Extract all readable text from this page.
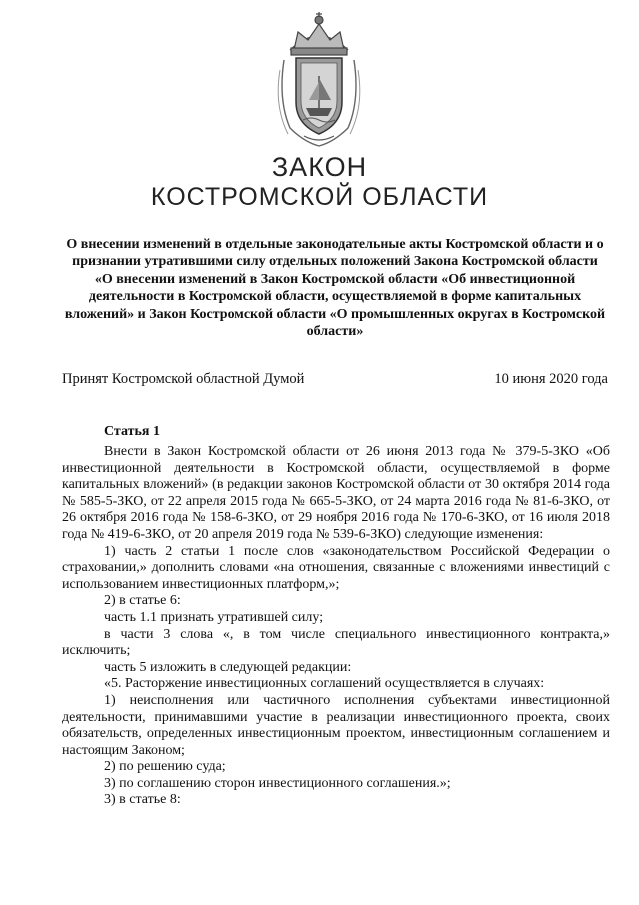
ЗАКОН
КОСТРОМСКОЙ ОБЛАСТИ
О внесении изменений в отдельные законодательные акты Костромской области и о признании утратившими силу отдельных положений Закона Костромской области «О внесении изменений в Закон Костромской области «Об инвестиционной деятельности в Костромской области, осуществляемой в форме капитальных вложений» и Закон Костромской области «О промышленных округах в Костромской области»
Принят Костромской областной Думой	10 июня 2020 года
Статья 1

Внести в Закон Костромской области от 26 июня 2013 года № 379-5-ЗКО «Об инвестиционной деятельности в Костромской области, осуществляемой в форме капитальных вложений» (в редакции законов Костромской области от 30 октября 2014 года № 585-5-ЗКО, от 22 апреля 2015 года № 665-5-ЗКО, от 24 марта 2016 года № 81-6-ЗКО, от 26 октября 2016 года № 158-6-ЗКО, от 29 ноября 2016 года № 170-6-ЗКО, от 16 июля 2018 года № 419-6-ЗКО, от 20 апреля 2019 года № 539-6-ЗКО) следующие изменения:

1) часть 2 статьи 1 после слов «законодательством Российской Федерации о страховании,» дополнить словами «на отношения, связанные с вложениями инвестиций с использованием инвестиционных платформ,»;

2) в статье 6:

часть 1.1 признать утратившей силу;

в части 3 слова «, в том числе специального инвестиционного контракта,» исключить;

часть 5 изложить в следующей редакции:

«5. Расторжение инвестиционных соглашений осуществляется в случаях:

1) неисполнения или частичного исполнения субъектами инвестиционной деятельности, принимавшими участие в реализации инвестиционного проекта, своих обязательств, определенных инвестиционным проектом, инвестиционным соглашением и настоящим Законом;

2) по решению суда;

3) по соглашению сторон инвестиционного соглашения.»;

3) в статье 8:
